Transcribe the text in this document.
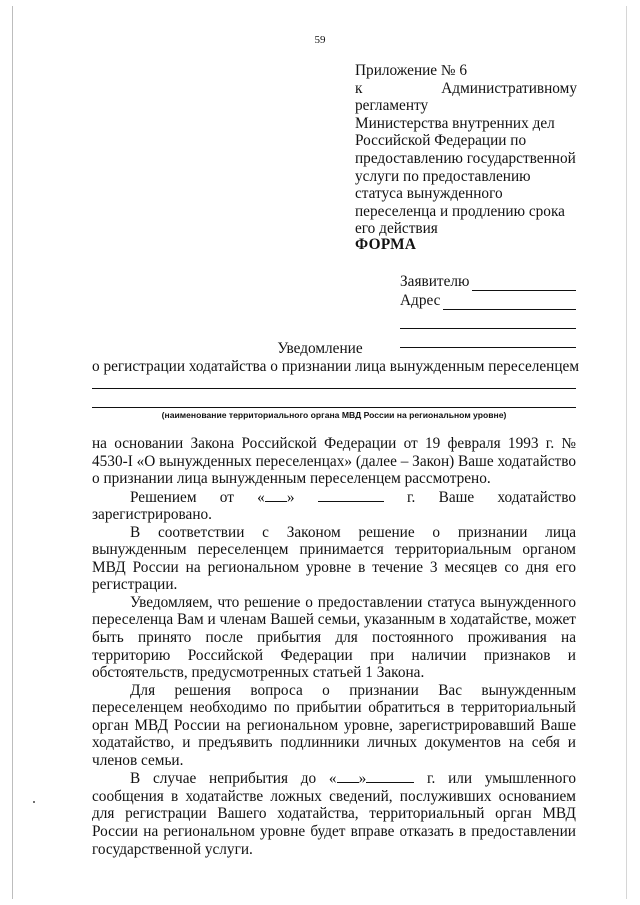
59
Приложение № 6
к Административному регламенту
Министерства внутренних дел
Российской Федерации по
предоставлению государственной
услуги по предоставлению
статуса вынужденного
переселенца и продлению срока
его действия
ФОРМА
Заявителю
Адрес
Уведомление
о регистрации ходатайства о признании лица вынужденным переселенцем
(наименование территориального органа МВД России на региональном уровне)

на основании Закона Российской Федерации от 19 февраля 1993 г. № 4530-I «О вынужденных переселенцах» (далее – Закон) Ваше ходатайство о признании лица вынужденным переселенцем рассмотрено.

Решением от « »	г. Ваше ходатайство зарегистрировано.

В соответствии с Законом решение о признании лица вынужденным переселенцем принимается территориальным органом МВД России на региональном уровне в течение 3 месяцев со дня его регистрации.

Уведомляем, что решение о предоставлении статуса вынужденного переселенца Вам и членам Вашей семьи, указанным в ходатайстве, может быть принято после прибытия для постоянного проживания на территорию Российской Федерации при наличии признаков и обстоятельств, предусмотренных статьей 1 Закона.

Для решения вопроса о признании Вас вынужденным переселенцем необходимо по прибытии обратиться в территориальный орган МВД России на региональном уровне, зарегистрировавший Ваше ходатайство, и предъявить подлинники личных документов на себя и членов семьи.

В случае неприбытия до « »	г. или умышленного сообщения в ходатайстве ложных сведений, послуживших основанием для регистрации Вашего ходатайства, территориальный орган МВД России на региональном уровне будет вправе отказать в предоставлении государственной услуги.
